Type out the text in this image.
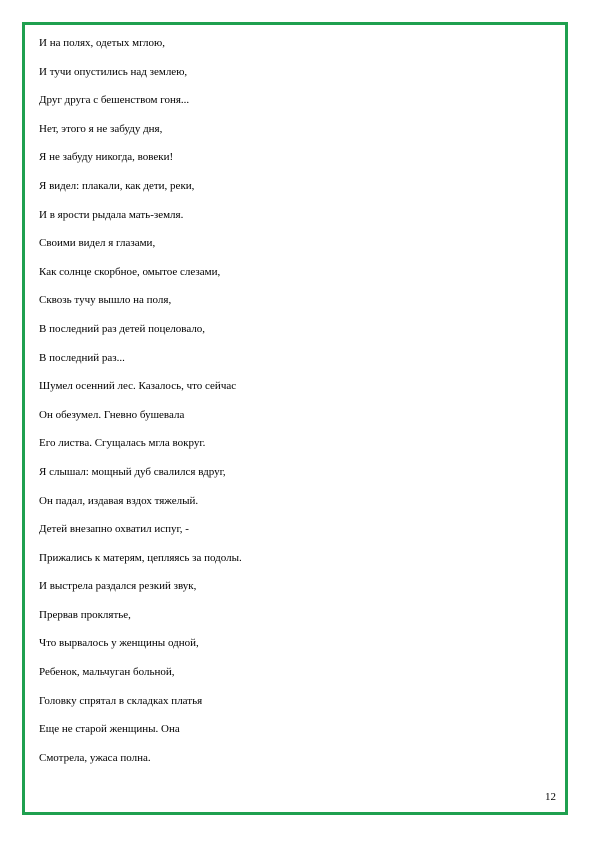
И на полях, одетых мглою,
И тучи опустились над землею,
Друг друга с бешенством гоня...
Нет, этого я не забуду дня,
Я не забуду никогда, вовеки!
Я видел: плакали, как дети, реки,
И в ярости рыдала мать-земля.
Своими видел я глазами,
Как солнце скорбное, омытое слезами,
Сквозь тучу вышло на поля,
В последний раз детей поцеловало,
В последний раз...
Шумел осенний лес. Казалось, что сейчас
Он обезумел. Гневно бушевала
Его листва. Сгущалась мгла вокруг.
Я слышал: мощный дуб свалился вдруг,
Он падал, издавая вздох тяжелый.
Детей внезапно охватил испуг, -
Прижались к матерям, цепляясь за подолы.
И выстрела раздался резкий звук,
Прервав проклятье,
Что вырвалось у женщины одной,
Ребенок, мальчуган больной,
Головку спрятал в складках платья
Еще не старой женщины. Она
Смотрела, ужаса полна.
12
